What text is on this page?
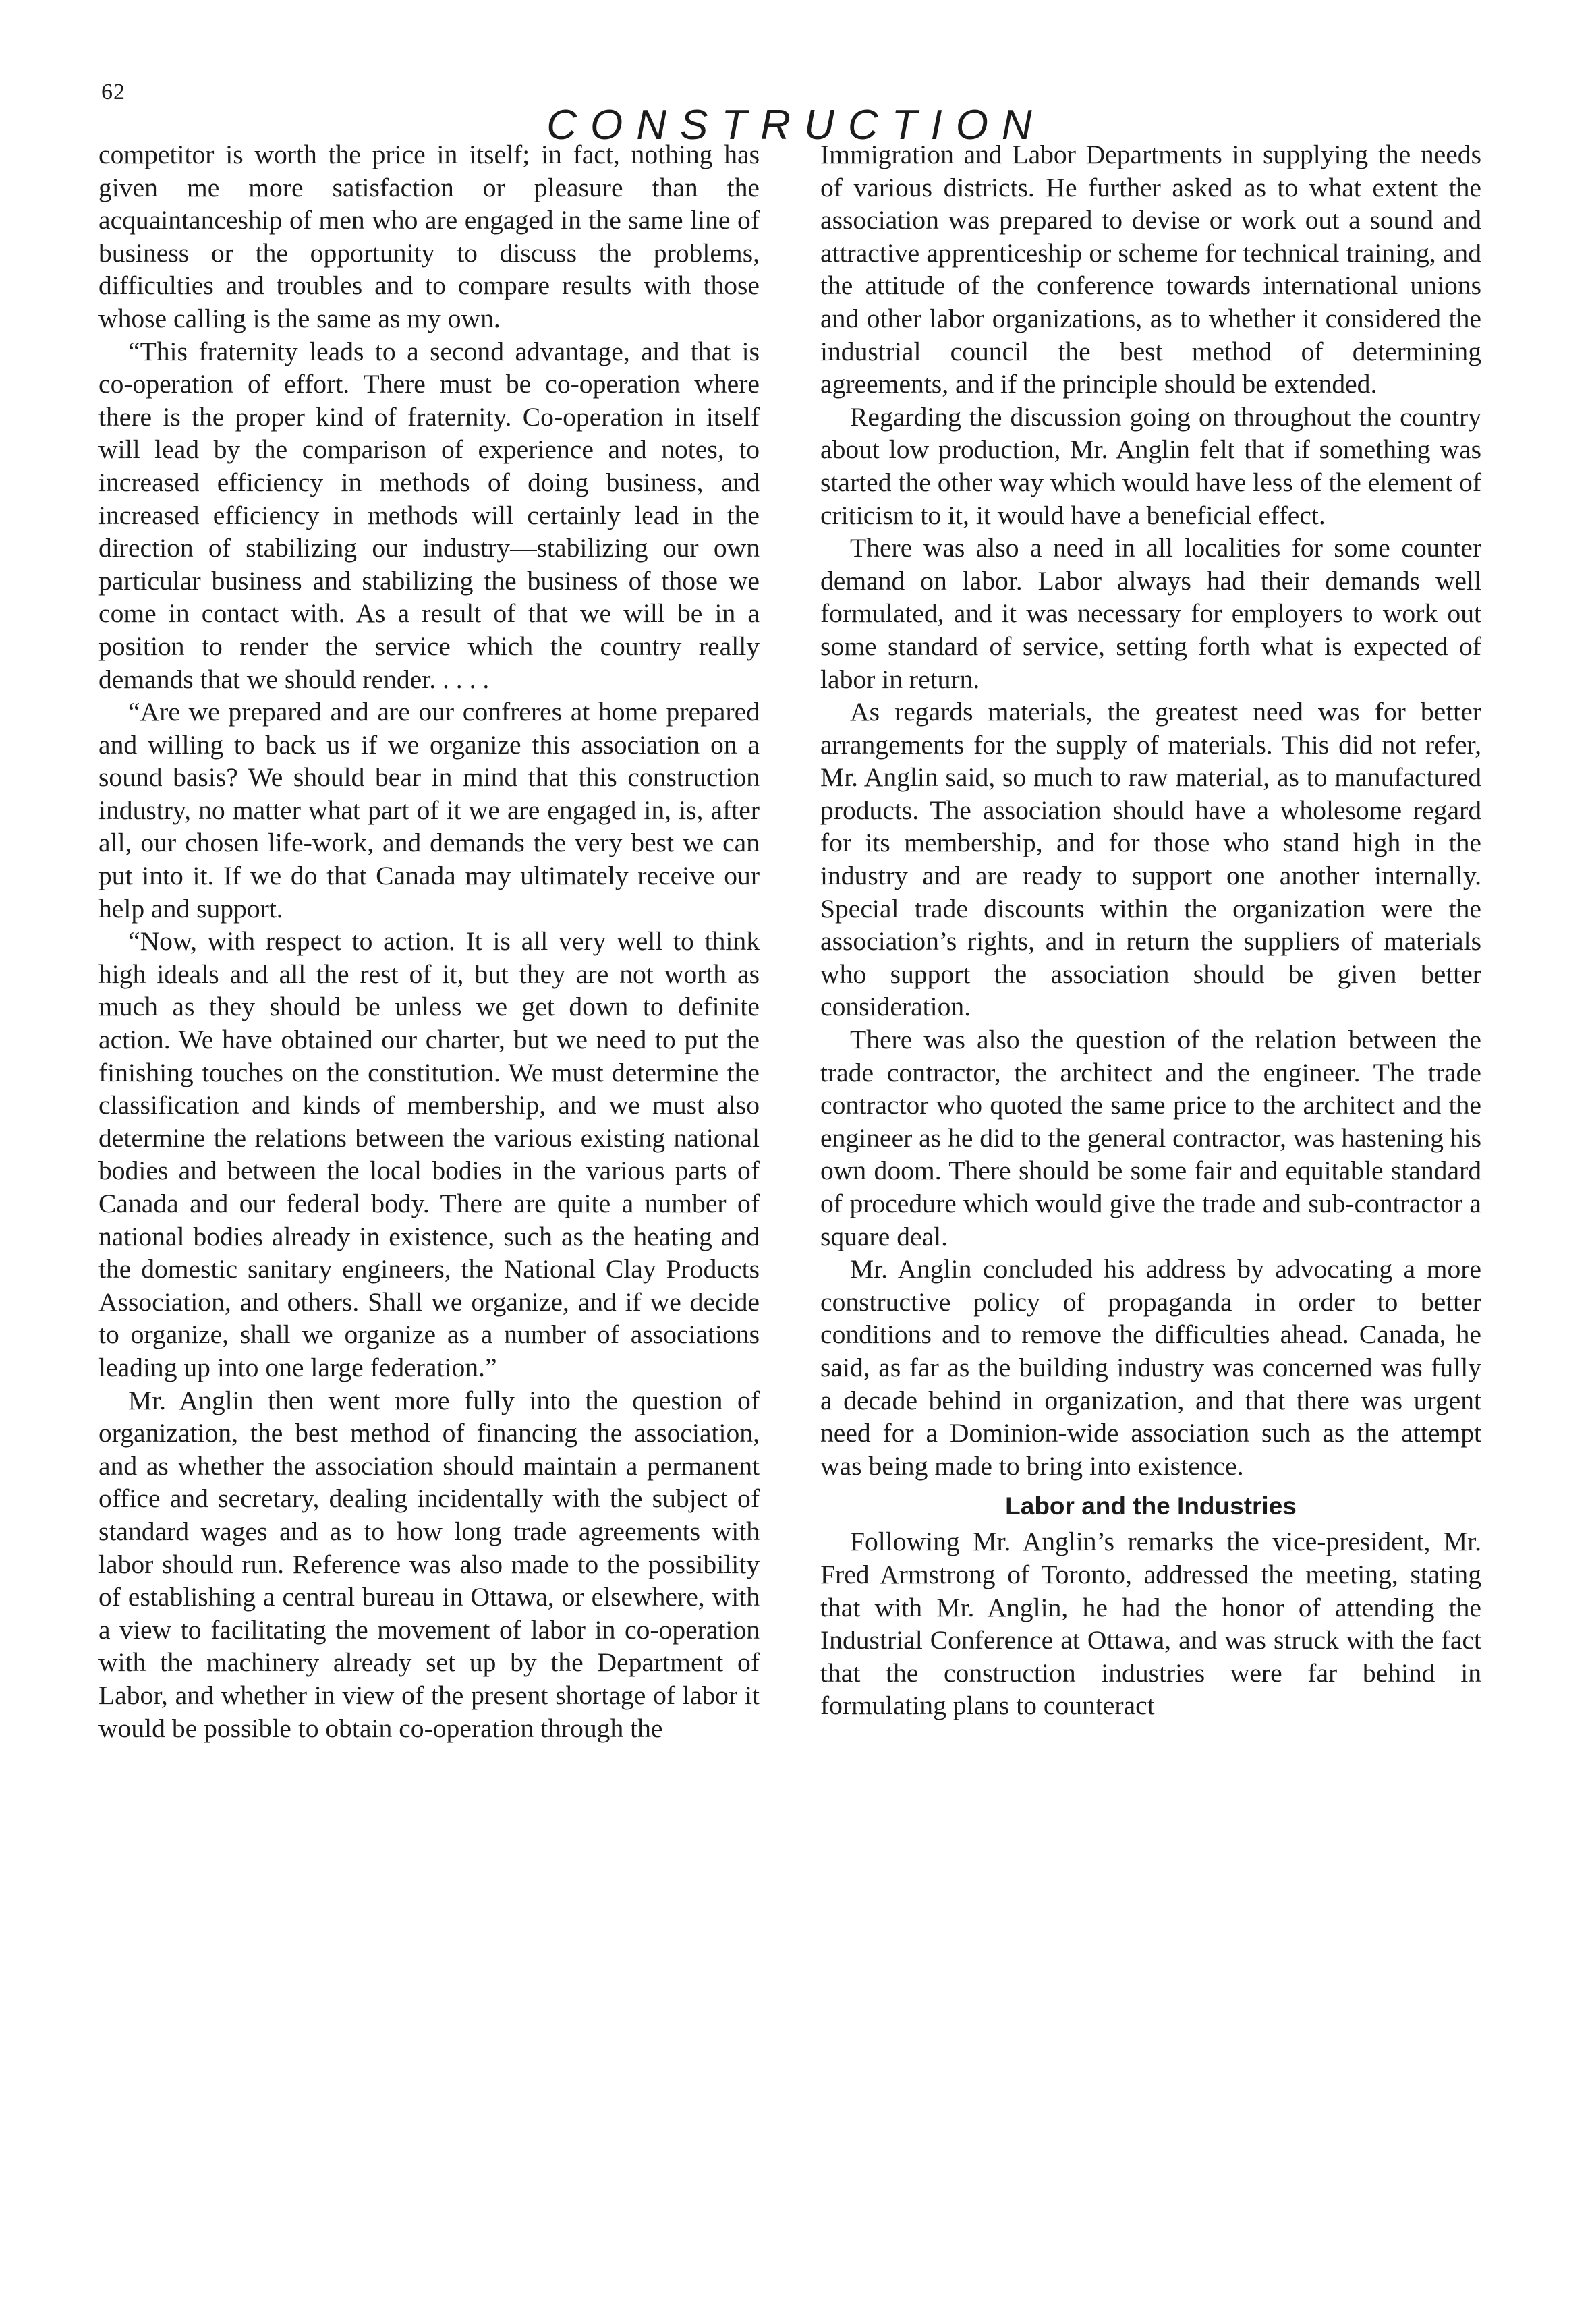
62
CONSTRUCTION

competitor is worth the price in itself; in fact, nothing has given me more satisfaction or pleasure than the acquaintanceship of men who are engaged in the same line of business or the opportunity to discuss the problems, difficulties and troubles and to compare results with those whose calling is the same as my own.

“This fraternity leads to a second advantage, and that is co-operation of effort. There must be co-operation where there is the proper kind of fraternity. Co-operation in itself will lead by the comparison of experience and notes, to increased efficiency in methods of doing business, and increased efficiency in methods will certainly lead in the direction of stabilizing our industry—stabilizing our own particular business and stabilizing the business of those we come in contact with. As a result of that we will be in a position to render the service which the country really demands that we should render. . . . .

“Are we prepared and are our confreres at home prepared and willing to back us if we organize this association on a sound basis? We should bear in mind that this construction industry, no matter what part of it we are engaged in, is, after all, our chosen life-work, and demands the very best we can put into it. If we do that Canada may ultimately receive our help and support.

“Now, with respect to action. It is all very well to think high ideals and all the rest of it, but they are not worth as much as they should be unless we get down to definite action. We have obtained our charter, but we need to put the finishing touches on the constitution. We must determine the classification and kinds of membership, and we must also determine the relations between the various existing national bodies and between the local bodies in the various parts of Canada and our federal body. There are quite a number of national bodies already in existence, such as the heating and the domestic sanitary engineers, the National Clay Products Association, and others. Shall we organize, and if we decide to organize, shall we organize as a number of associations leading up into one large federation.”

Mr. Anglin then went more fully into the question of organization, the best method of financing the association, and as whether the association should maintain a permanent office and secretary, dealing incidentally with the subject of standard wages and as to how long trade agreements with labor should run. Reference was also made to the possibility of establishing a central bureau in Ottawa, or elsewhere, with a view to facilitating the movement of labor in co-operation with the machinery already set up by the Department of Labor, and whether in view of the present shortage of labor it would be possible to obtain co-operation through the

Immigration and Labor Departments in supplying the needs of various districts. He further asked as to what extent the association was prepared to devise or work out a sound and attractive apprenticeship or scheme for technical training, and the attitude of the conference towards international unions and other labor organizations, as to whether it considered the industrial council the best method of determining agreements, and if the principle should be extended.

Regarding the discussion going on throughout the country about low production, Mr. Anglin felt that if something was started the other way which would have less of the element of criticism to it, it would have a beneficial effect.

There was also a need in all localities for some counter demand on labor. Labor always had their demands well formulated, and it was necessary for employers to work out some standard of service, setting forth what is expected of labor in return.

As regards materials, the greatest need was for better arrangements for the supply of materials. This did not refer, Mr. Anglin said, so much to raw material, as to manufactured products. The association should have a wholesome regard for its membership, and for those who stand high in the industry and are ready to support one another internally. Special trade discounts within the organization were the association’s rights, and in return the suppliers of materials who support the association should be given better consideration.

There was also the question of the relation between the trade contractor, the architect and the engineer. The trade contractor who quoted the same price to the architect and the engineer as he did to the general contractor, was hastening his own doom. There should be some fair and equitable standard of procedure which would give the trade and sub-contractor a square deal.

Mr. Anglin concluded his address by advocating a more constructive policy of propaganda in order to better conditions and to remove the difficulties ahead. Canada, he said, as far as the building industry was concerned was fully a decade behind in organization, and that there was urgent need for a Dominion-wide association such as the attempt was being made to bring into existence.

Labor and the Industries

Following Mr. Anglin’s remarks the vice-president, Mr. Fred Armstrong of Toronto, addressed the meeting, stating that with Mr. Anglin, he had the honor of attending the Industrial Conference at Ottawa, and was struck with the fact that the construction industries were far behind in formulating plans to counteract
